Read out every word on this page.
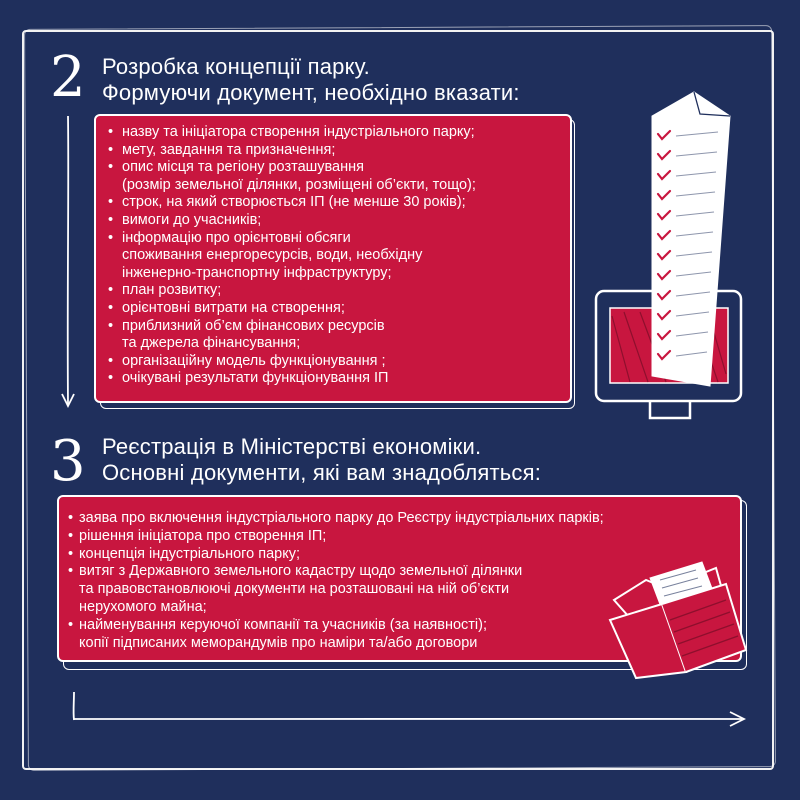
2 Розробка концепції парку.
Формуючи документ, необхідно вказати:
• назву та ініціатора створення індустріального парку;
• мету, завдання та призначення;
• опис місця та регіону розташування
(розмір земельної ділянки, розміщені об’єкти, тощо);
• строк, на який створюється ІП (не менше 30 років);
• вимоги до учасників;
• інформацію про орієнтовні обсяги
споживання енергоресурсів, води, необхідну
інженерно-транспортну інфраструктуру;
• план розвитку;
• орієнтовні витрати на створення;
• приблизний об’єм фінансових ресурсів
та джерела фінансування;
• організаційну модель функціонування ;
• очікувані результати функціонування ІП
3 Реєстрація в Міністерстві економіки.
Основні документи, які вам знадобляться:
• заява про включення індустріального парку до Реєстру індустріальних парків;
• рішення ініціатора про створення ІП;
• концепція індустріального парку;
• витяг з Державного земельного кадастру щодо земельної ділянки
та правовстановлюючі документи на розташовані на ній об’єкти
нерухомого майна;
• найменування керуючої компанії та учасників (за наявності);
копії підписаних меморандумів про наміри та/або договори
